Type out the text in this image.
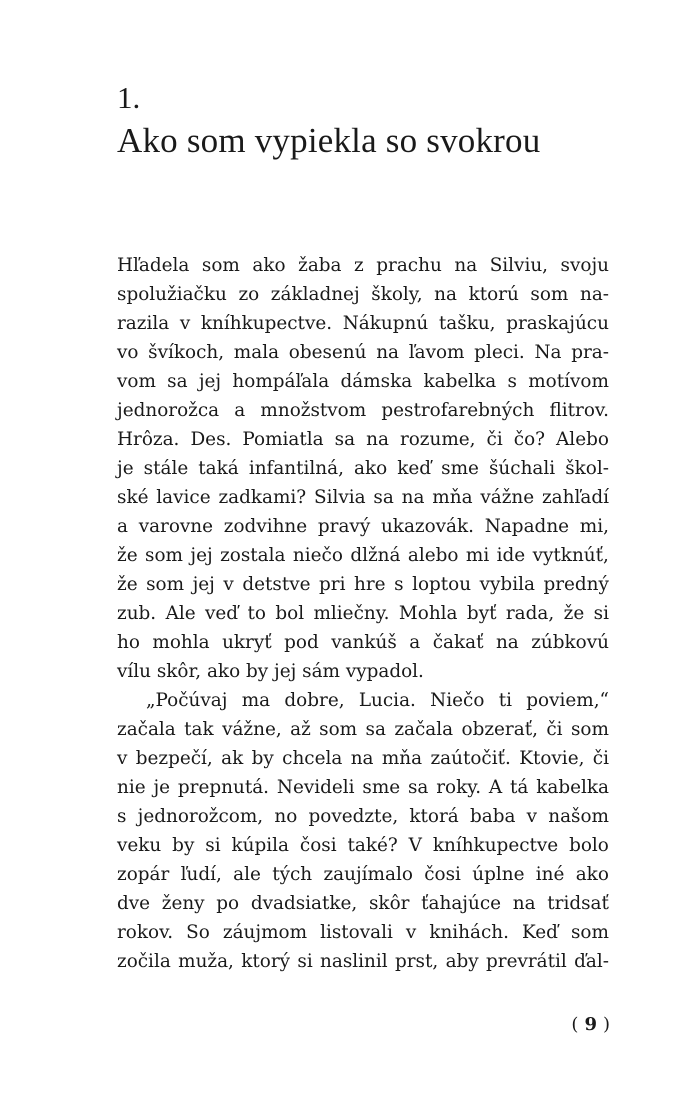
1.
Ako som vypiekla so svokrou
Hľadela som ako žaba z prachu na Silviu, svoju
spolužiačku zo základnej školy, na ktorú som na-
razila v kníhkupectve. Nákupnú tašku, praskajúcu
vo švíkoch, mala obesenú na ľavom pleci. Na pra-
vom sa jej hompáľala dámska kabelka s motívom
jednorožca a množstvom pestrofarebných flitrov.
Hrôza. Des. Pomiatla sa na rozume, či čo? Alebo
je stále taká infantilná, ako keď sme šúchali škol-
ské lavice zadkami? Silvia sa na mňa vážne zahľadí
a varovne zodvihne pravý ukazovák. Napadne mi,
že som jej zostala niečo dlžná alebo mi ide vytknúť,
že som jej v detstve pri hre s loptou vybila predný
zub. Ale veď to bol mliečny. Mohla byť rada, že si
ho mohla ukryť pod vankúš a čakať na zúbkovú
vílu skôr, ako by jej sám vypadol.
„Počúvaj ma dobre, Lucia. Niečo ti poviem,“
začala tak vážne, až som sa začala obzerať, či som
v bezpečí, ak by chcela na mňa zaútočiť. Ktovie, či
nie je prepnutá. Nevideli sme sa roky. A tá kabelka
s jednorožcom, no povedzte, ktorá baba v našom
veku by si kúpila čosi také? V kníhkupectve bolo
zopár ľudí, ale tých zaujímalo čosi úplne iné ako
dve ženy po dvadsiatke, skôr ťahajúce na tridsať
rokov. So záujmom listovali v knihách. Keď som
zočila muža, ktorý si naslinil prst, aby prevrátil ďal-
( 9 )
